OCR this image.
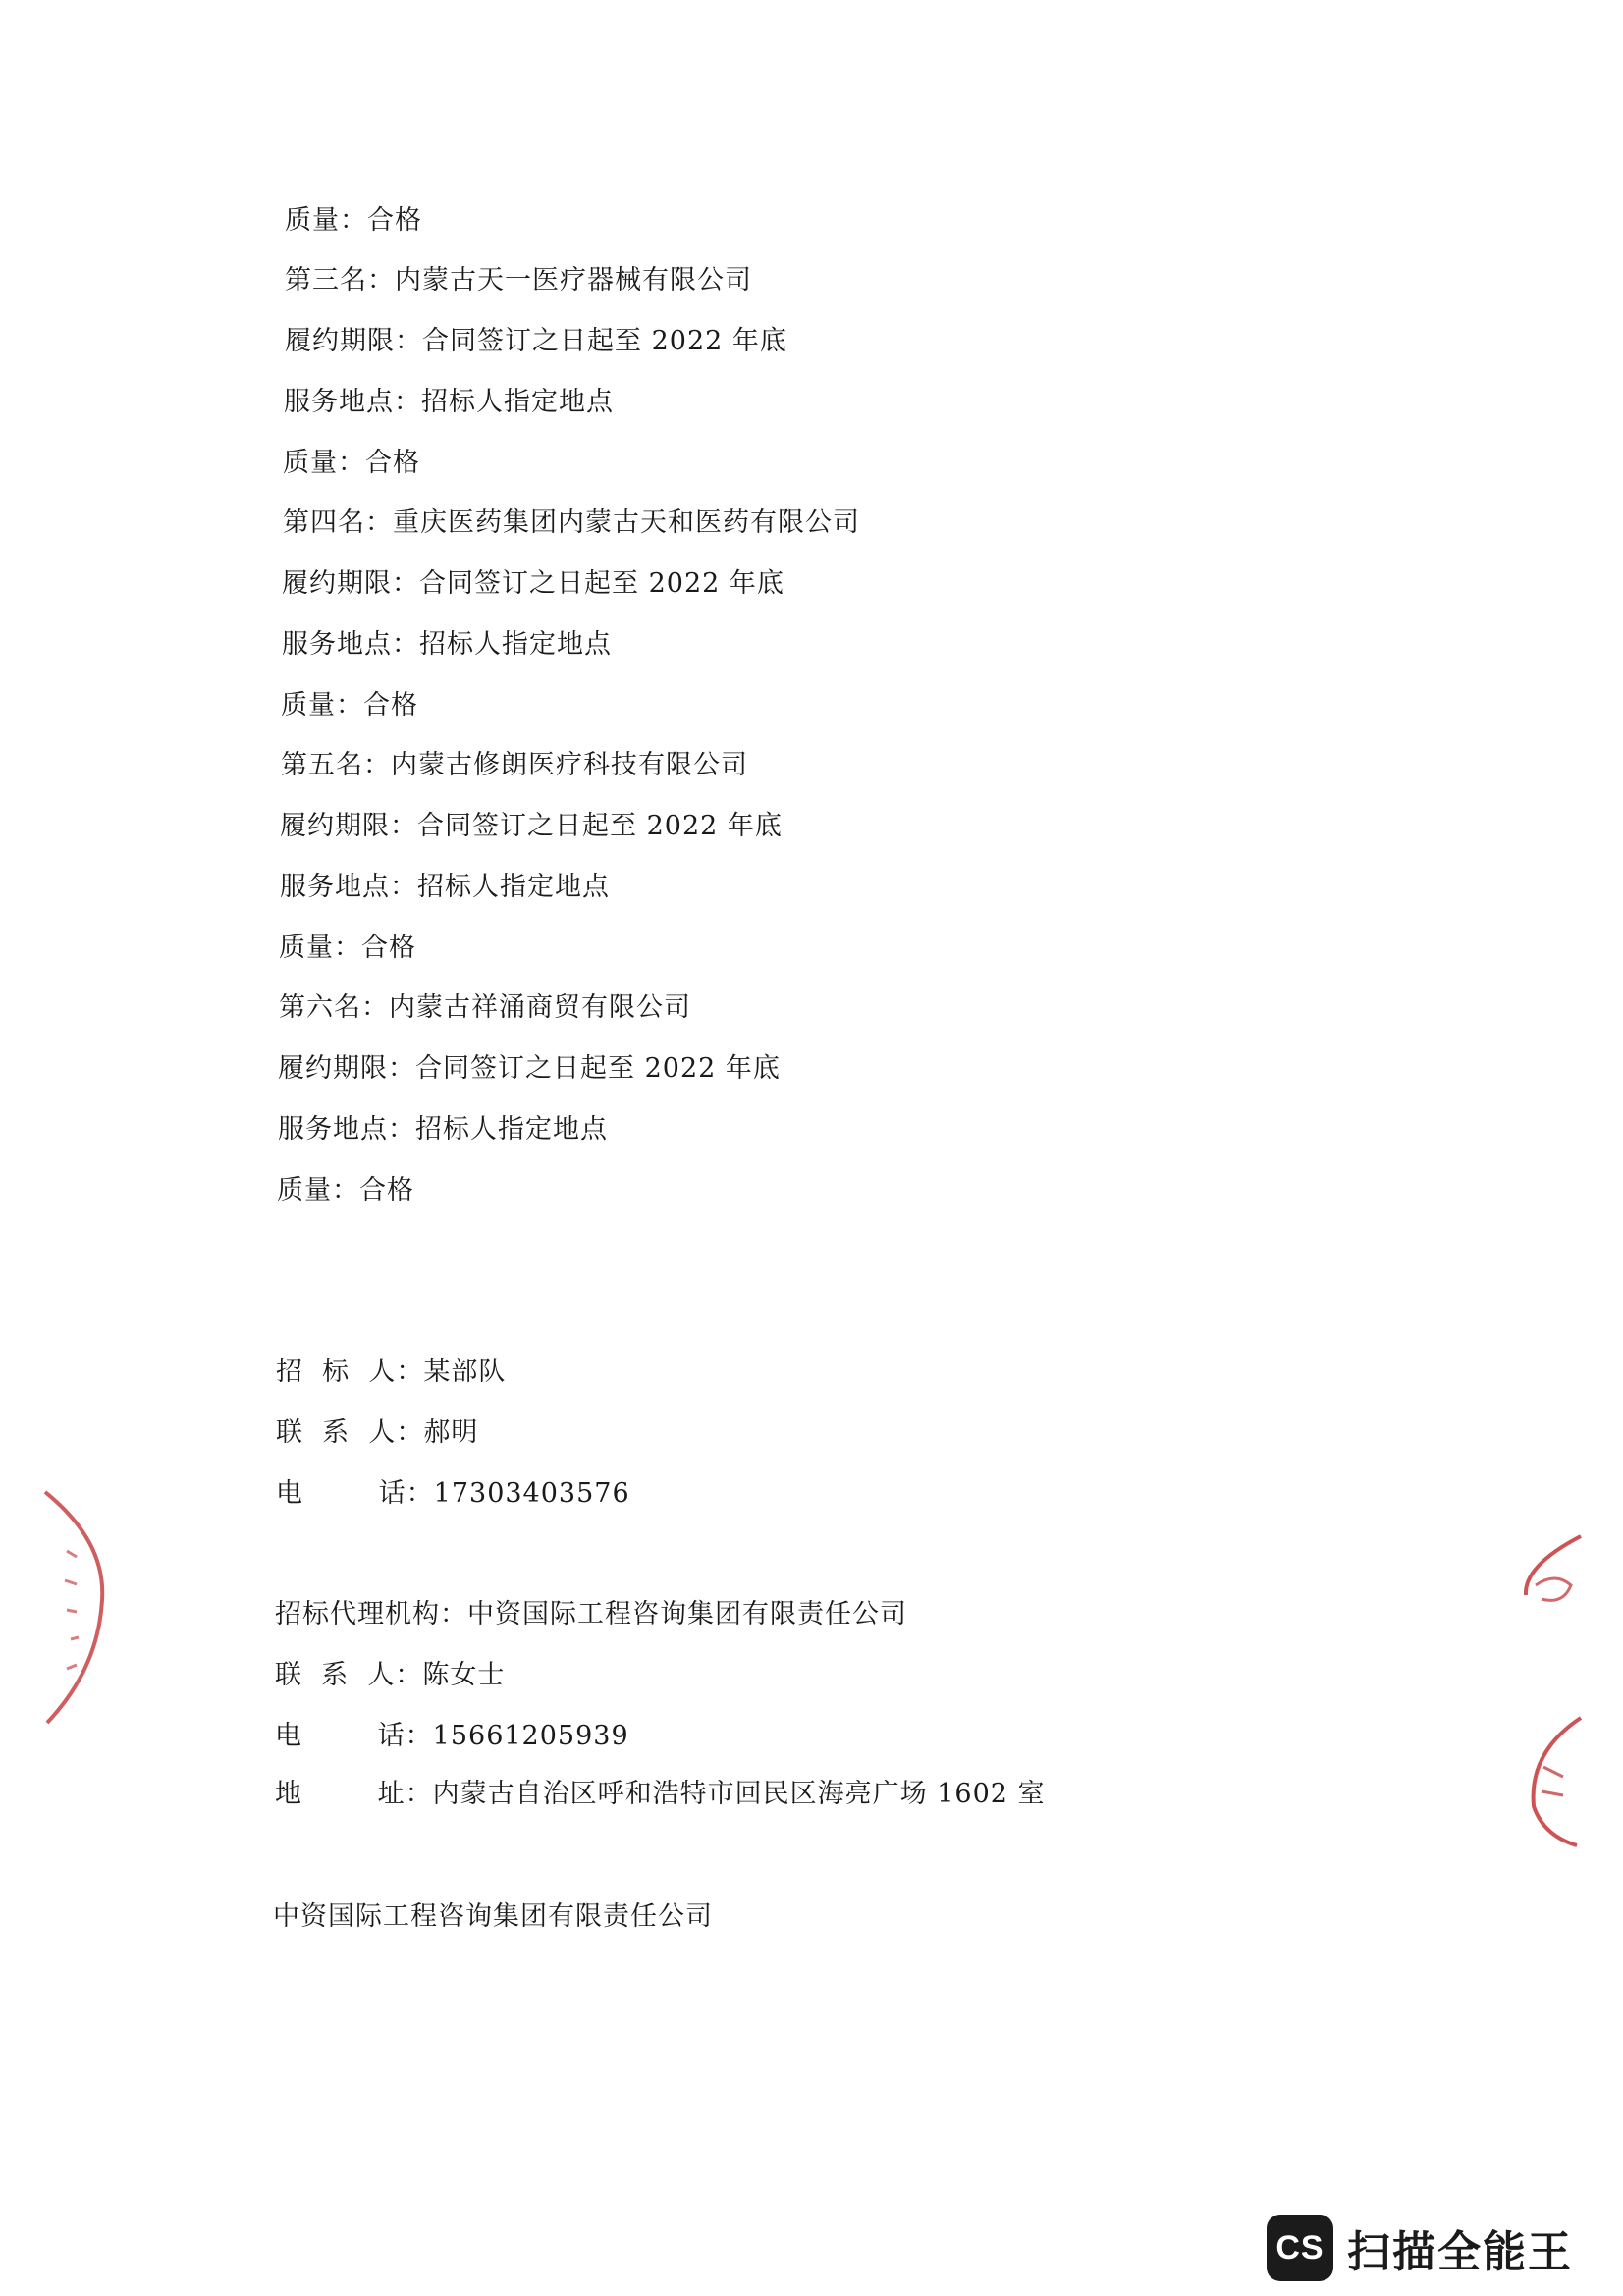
质量：合格

第三名：内蒙古天一医疗器械有限公司

履约期限：合同签订之日起至 2022 年底

服务地点：招标人指定地点

质量：合格

第四名：重庆医药集团内蒙古天和医药有限公司

履约期限：合同签订之日起至 2022 年底

服务地点：招标人指定地点

质量：合格

第五名：内蒙古修朗医疗科技有限公司

履约期限：合同签订之日起至 2022 年底

服务地点：招标人指定地点

质量：合格

第六名：内蒙古祥涌商贸有限公司

履约期限：合同签订之日起至 2022 年底

服务地点：招标人指定地点

质量：合格

招  标  人：某部队

联  系  人：郝明

电        话：17303403576

招标代理机构：中资国际工程咨询集团有限责任公司

联  系  人：陈女士

电        话：15661205939

地        址：内蒙古自治区呼和浩特市回民区海亮广场 1602 室

中资国际工程咨询集团有限责任公司

CS 扫描全能王
